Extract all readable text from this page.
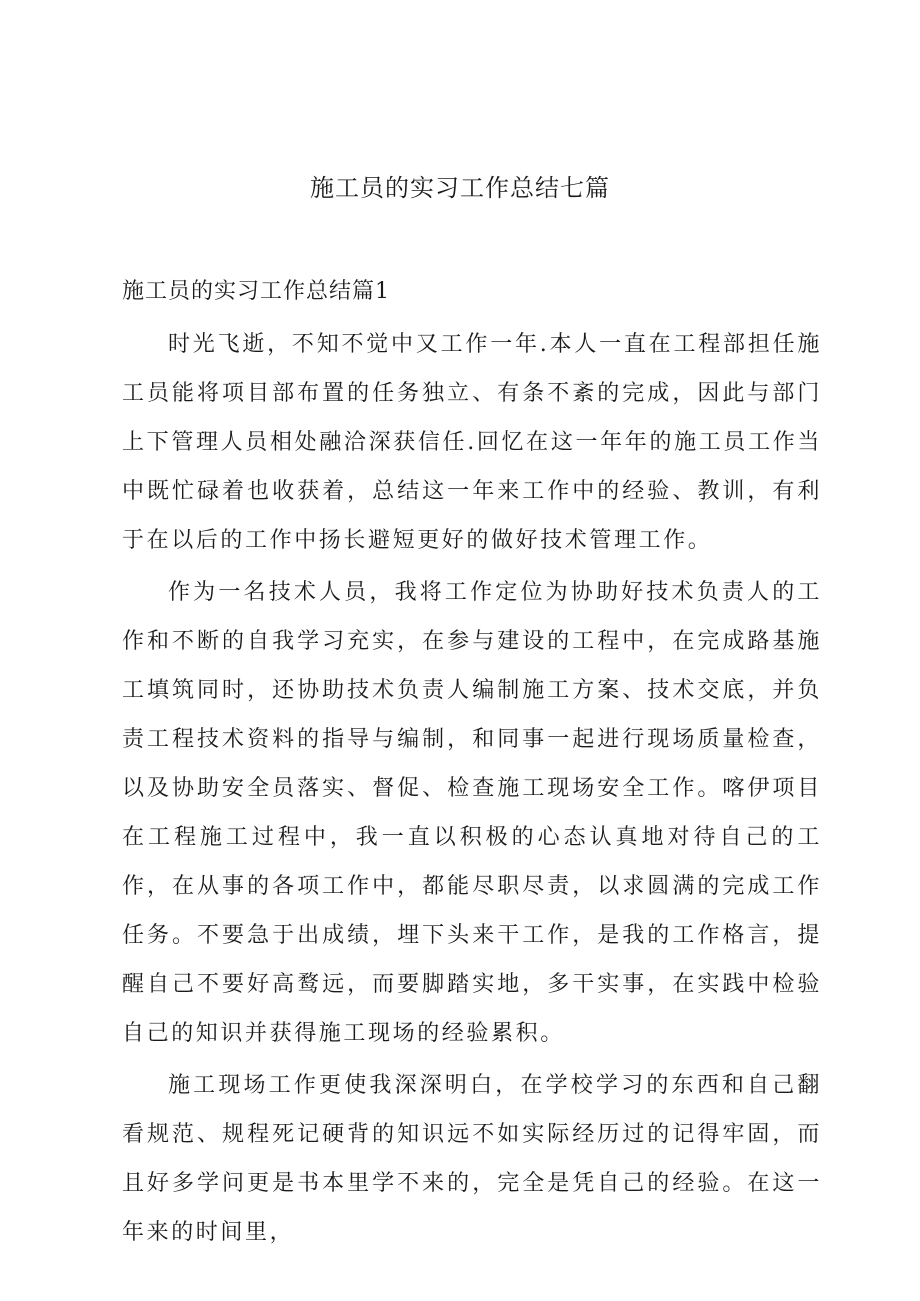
施工员的实习工作总结七篇
施工员的实习工作总结篇1

时光飞逝，不知不觉中又工作一年.本人一直在工程部担任施工员能将项目部布置的任务独立、有条不紊的完成，因此与部门上下管理人员相处融洽深获信任.回忆在这一年年的施工员工作当中既忙碌着也收获着，总结这一年来工作中的经验、教训，有利于在以后的工作中扬长避短更好的做好技术管理工作。

作为一名技术人员，我将工作定位为协助好技术负责人的工作和不断的自我学习充实，在参与建设的工程中，在完成路基施工填筑同时，还协助技术负责人编制施工方案、技术交底，并负责工程技术资料的指导与编制，和同事一起进行现场质量检查，以及协助安全员落实、督促、检查施工现场安全工作。喀伊项目在工程施工过程中，我一直以积极的心态认真地对待自己的工作，在从事的各项工作中，都能尽职尽责，以求圆满的完成工作任务。不要急于出成绩，埋下头来干工作，是我的工作格言，提醒自己不要好高鹜远，而要脚踏实地，多干实事，在实践中检验自己的知识并获得施工现场的经验累积。

施工现场工作更使我深深明白，在学校学习的东西和自己翻看规范、规程死记硬背的知识远不如实际经历过的记得牢固，而且好多学问更是书本里学不来的，完全是凭自己的经验。在这一年来的时间里，
